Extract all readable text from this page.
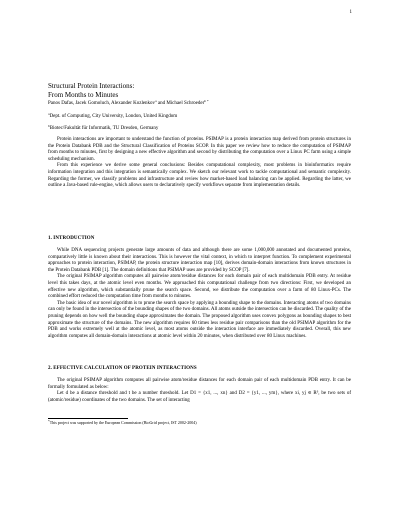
1
Structural Protein Interactions:
From Months to Minutes
Panos Dafas, Jacek Gomoluch, Alexander Kozlenkov$^a$ and Michael Schroeder$^{b *}$
$^a$Dept. of Computing, City University, London, United Kingdom
$^b$Biotec/Fakultät für Informatik, TU Dresden, Germany

Protein interactions are important to understand the function of proteins. PSIMAP is a protein interaction map derived from protein structures in the Protein Databank PDB and the Structural Classification of Proteins SCOP. In this paper we review how to reduce the computation of PSIMAP from months to minutes, first by designing a new effective algorithm and second by distributing the computation over a Linux PC farm using a simple scheduling mechanism.

From this experience we derive some general conclusions: Besides computational complexity, most problems in bioinformatics require information integration and this integration is semantically complex. We sketch our relevant work to tackle computational and semantic complexity. Regarding the former, we classify problems and infrastructure and review how market-based load balancing can be applied. Regarding the latter, we outline a Java-based rule-engine, which allows users to declaratively specify workflows separate from implementation details.

1. INTRODUCTION

While DNA sequencing projects generate large amounts of data and although there are some 1,000,000 annotated and documented proteins, comparatively little is known about their interactions. This is however the vital context, in which to interpret function. To complement experimental approaches to protein interaction, PSIMAP, the protein structure interaction map [10], derives domain-domain interactions from known structures in the Protein Databank PDB [1]. The domain definitions that PSIMAP uses are provided by SCOP [7].

The original PSIMAP algorithm computes all pairwise atom/residue distances for each domain pair of each multidomain PDB entry. At residue level this takes days, at the atomic level even months. We approached this computational challenge from two directions: First, we developed an effective new algorithm, which substantially prune the search space. Second, we distribute the computation over a farm of 80 Linux-PCs. The combined effort reduced the computation time from months to minutes.

The basic idea of our novel algorithm is to prune the search space by applying a bounding shape to the domains. Interacting atoms of two domains can only be found in the intersection of the bounding shapes of the two domains. All atoms outside the intersection can be discarded. The quality of the pruning depends on how well the bounding shape approximates the domain. The proposed algorithm uses convex polygons as bounding shapes to best approximate the structure of the domains. The new algorithm requires 60 times less residue pair comparisons than the old PSIMAP algorithm for the PDB and works extremely well at the atomic level, as most atoms outside the interaction interface are immediately discarded. Overall, this new algorithm computes all domain-domain interactions at atomic level within 20 minutes, when distributed over 80 Linux machines.

2. EFFECTIVE CALCULATION OF PROTEIN INTERACTIONS

The original PSIMAP algorithm computes all pairwise atom/residue distances for each domain pair of each multidomain PDB entry. It can be formally formulated as below:

Let d be a distance threshold and t be a number threshold. Let D1 = {x1, ..., xn} and D2 = {y1, ..., ym}, where xi, yj ∈ R³, be two sets of (atomic/residue) coordinates of the two domains. The set of interacting

*This project was supported by the European Commission (BioGrid project, IST 2002-2004)
